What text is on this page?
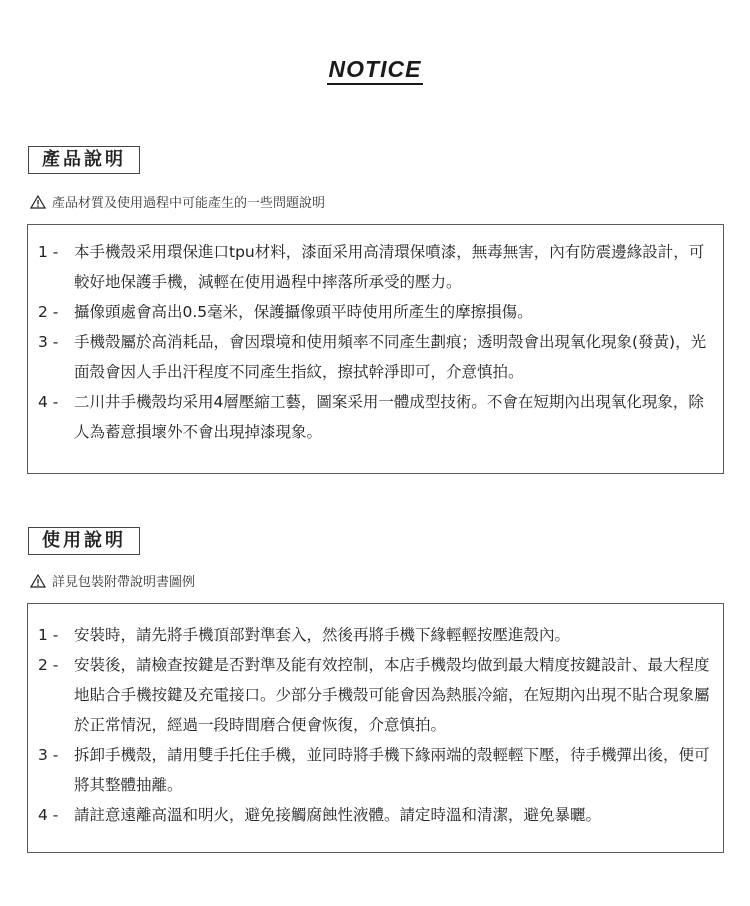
NOTICE
產品說明
產品材質及使用過程中可能產生的一些問題說明
1 -	本手機殼采用環保進口tpu材料，漆面采用高清環保噴漆，無毒無害，內有防震邊緣設計，可較好地保護手機，減輕在使用過程中摔落所承受的壓力。
2 -	攝像頭處會高出0.5毫米，保護攝像頭平時使用所產生的摩擦損傷。
3 -	手機殼屬於高消耗品，會因環境和使用頻率不同產生劃痕；透明殼會出現氧化現象(發黃)，光面殼會因人手出汗程度不同產生指紋，擦拭幹淨即可，介意慎拍。
4 -	二川井手機殼均采用4層壓縮工藝，圖案采用一體成型技術。不會在短期內出現氧化現象，除人為蓄意損壞外不會出現掉漆現象。
使用說明
詳見包裝附帶說明書圖例
1 -	安裝時，請先將手機頂部對準套入，然後再將手機下緣輕輕按壓進殼內。
2 -	安裝後，請檢查按鍵是否對準及能有效控制，本店手機殼均做到最大精度按鍵設計、最大程度地貼合手機按鍵及充電接口。少部分手機殼可能會因為熱脹冷縮，在短期內出現不貼合現象屬於正常情況，經過一段時間磨合便會恢復，介意慎拍。
3 -	拆卸手機殼，請用雙手托住手機，並同時將手機下緣兩端的殼輕輕下壓，待手機彈出後，便可將其整體抽離。
4 -	請註意遠離高溫和明火，避免接觸腐蝕性液體。請定時溫和清潔，避免暴曬。
